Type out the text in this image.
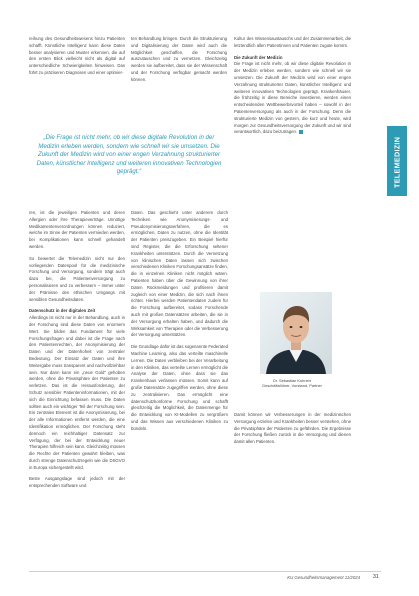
reihung des Gesundheitswesens hinzu Patienten schafft. Künstliche Intelligenz kann diese Daten besser analysieren und Muster erkennen, die auf den ersten Blick vielleicht nicht als digital auf unterschiedliche Schwierigkeiten hinweisen. Das führt zu präziseren Diagnosen und einer optimier-

ten Behandlung bringen. Durch die Strukturierung und Digitalisierung der Daten wird auch die Möglichkeit geschaffen, die Forschung auszutauschen und zu vernetzen. Gleichzeitig werden sie aufbereitet, dass sie der Wissenschaft und der Forschung verfügbar gemacht werden können.

Kultur des Wissensaustauschs und der Zusammenarbeit, die letztendlich allen Patientinnen und Patienten zugute kommt.

Die Zukunft der Medizin

Die Frage ist nicht mehr, ob wir diese digitale Revolution in der Medizin erleben werden, sondern wie schnell wir sie umsetzen. Die Zukunft der Medizin wird von einer engen Verzahnung strukturierter Daten, künstlicher Intelligenz und weiteren innovativen Technologien geprägt. Krankenhäuser, die frühzeitig in diese Bereiche investieren, werden einen entscheidenden Wettbewerbsvorteil haben – sowohl in der Patientenversorgung als auch in der Forschung. Denn die strukturierte Medizin von gestern, die kurz und heute, wird morgen zur Gesundheitsversorgung der Zukunft und wir sind verantwortlich, dazu beizutragen.

„Die Frage ist nicht mehr, ob wir diese digitale Revolution in der Medizin erleben werden, sondern wie schnell wir sie umsetzen. Die Zukunft der Medizin wird von einer engen Verzahnung strukturierter Daten, künstlicher Intelligenz und weiteren innovativen Technologien geprägt.“

ren, ist die jeweiligen Patienten und deren Allergien oder ihre Therapieverträge. Unnötige Medikamentenverordnungen können reduziert, welche im Sinne der Patienten vermieden werden, bei Komplikationen kann schnell gehandelt werden.

So bewertet die Telemedizin nicht nur den vorliegenden Datenpool für die medizinische Forschung und Versorgung, sondern trägt auch dazu bei, die Patientenversorgung zu personalisieren und zu verbessern – immer unter der Prämisse des ethischen Umgangs mit sensiblen Gesundheitsdaten.

Datenschutz in der digitalen Zeit

Allerdings ist nicht nur in der Behandlung, auch in der Forschung sind diese Daten von enormem Wert. Sie bilden das Fundament für viele Forschungsfragen und dabei ist die Frage nach den Patientenrechten, der Anonymisierung der Daten und der Datenhoheit von zentraler Bedeutung. Der Einsatz der Daten und ihre Weitergabe muss transparent und nachvollziehbar sein. Nur dann kann ein „neue Gold“ gehoben werden, ohne die Privatsphäre der Patienten zu verletzen. Das ist die Herausforderung, der Schutz sensibler Patienteninformationen, mit der sich die Einrichtung befassen muss. Die Daten sollten auch ein wichtiger Teil der Forschung sein. Ein zentrales Element ist die Anonymisierung, bei der alle Informationen entfernt werden, die eine Identifikation ermöglichen. Der Forschung steht dennoch ein reichhaltiger Datensatz zur Verfügung, der bei der Entwicklung neuer Therapien hilfreich sein kann. Gleichzeitig müssen die Rechte der Patienten gewahrt bleiben, was durch strenge Datenschutzregeln wie die DSGVO in Europa sichergestellt wird.

Beste Ausgangslage sind jedoch mit der entsprechenden Software und

Daten. Das geschieht unter anderem durch Techniken wie Anonymisierungs- und Pseudonymisierungsverfahren, die es ermöglichen, Daten zu nutzen, ohne die Identität der Patienten preiszugeben. Ein Beispiel hierfür sind Register, die die Erforschung seltener Krankheiten unterstützen. Durch die Vernetzung von klinischen Daten lassen sich zwischen verschiedenen Kliniken Forschungsansätze finden, die in einzelnen Kliniken nicht möglich wären. Patienten haben über die Gewinnung von ihrer Daten Rückmeldungen und profitieren damit zugleich von einer Medizin, die sich nach ihnen richtet. Hierbei werden Patientendaten zudem für die Forschung aufbereitet, sodass Forschende auch mit großen Datensätzen arbeiten, die sie in der Versorgung erhalten haben, und dadurch die Wirksamkeit von Therapien oder die Verbesserung der Versorgung unterstützen.

Die Grundlage dafür ist das sogenannte Federated Machine Learning, also das verteilte maschinelle Lernen. Die Daten verbleiben bei der Verarbeitung in den Kliniken, das verteilte Lernen ermöglicht die Analyse der Daten, ohne dass sie das Krankenhaus verlassen müssen. Somit kann auf große Datensätze zugegriffen werden, ohne diese zu zentralisieren. Das ermöglicht eine datenschutzkonforme Forschung und schafft gleichzeitig die Möglichkeit, die Datenmenge für die Entwicklung von KI-Modellen zu vergrößern und das Wissen aus verschiedenen Kliniken zu bündeln.

Dr. Sebastian Kuhnert
Geschäftsführer, Vorstand, Partner

Damit können wir Verbesserungen in der medizinischen Versorgung erzielen und Krankheiten besser verstehen, ohne die Privatsphäre der Patienten zu gefährden. Die Ergebnisse der Forschung fließen zurück in die Versorgung und dienen damit allen Patienten.

TELEMEDIZIN
KU Gesundheitsmanagement 11/2024	31
